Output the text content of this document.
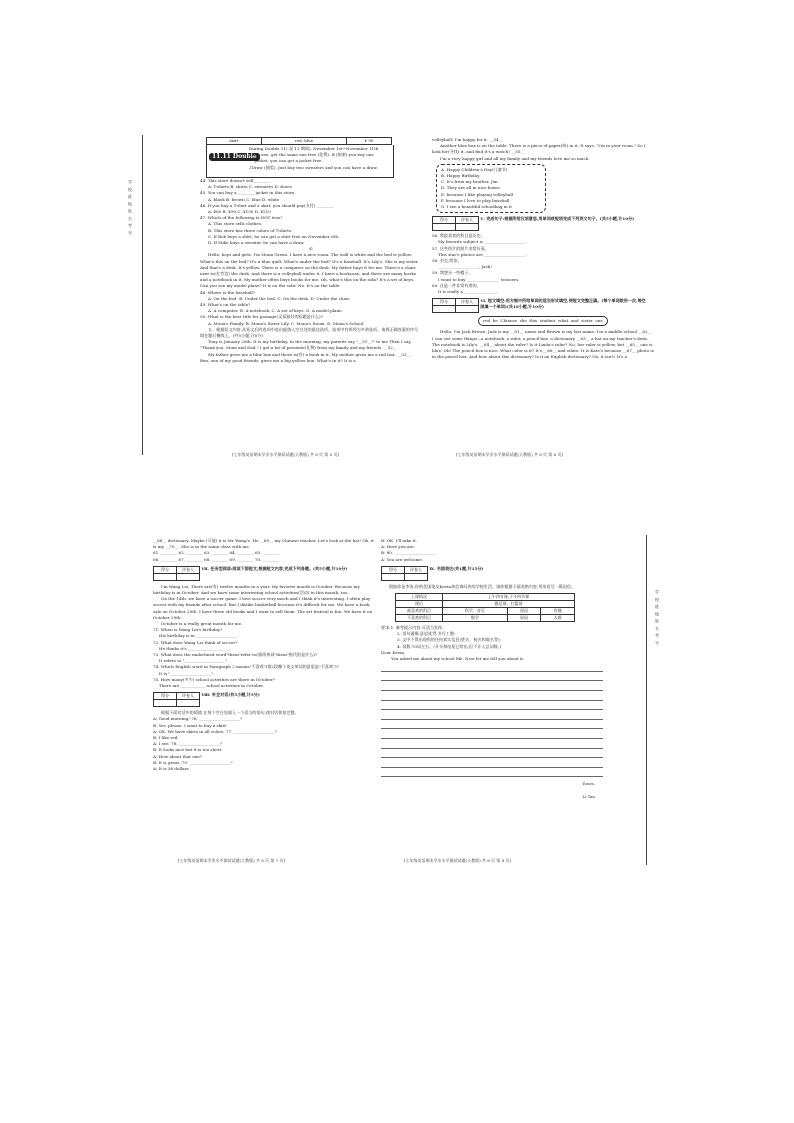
学 校 班 级 姓 名 考 号
skirt	red, blue	¥ 90
11.11 Double

During Double 11( 双 11 期间), November 1st~November 11th

♪Buy one, get the same one free (免费). If (如果) you buy one

jacket, you can get a jacket free.

♪Draw (抽奖). Just buy two sweaters and you can have a draw.

44. This store doesn't sell________.

A. T-shirts B. shirts C. sweaters D. shoes

45. You can buy a ________ jacket in this store.

A. black B. brown C. blue D. white

46. If you buy a T-shirt and a skirt, you should pay(支付) ________.

A. ¥60 B. ¥90 C. ¥150 D. ¥210

47. Which of the following is NOT true?

A. This store sells clothes.

B. This store has three colors of T-shirts.

C. If Bob buys a shirt, he can get a shirt free on November 6th.

D. If Mike buys a sweater, he can have a draw.

C

Hello, boys and girls. I'm Mona Green. I have a nice room. The wall is white and the bed is yellow. What's this on the bed? It's a blue quilt. What's under the bed? It's a baseball. It's Lily's. She is my sister. And that's a desk. It's yellow. There is a computer on the desk. My father buys it for me. There's a chair next to(在旁边) the desk. And there is a volleyball under it. I have a bookcase, and there are many books and a notebook in it. My mother often buys books for me. Oh, what's this on the sofa? It's a set of keys. Can you see my model plane? It is on the sofa! No. It's on the table.

48. Where is the baseball?

A. On the bed. B. Under the bed. C. On the desk. D. Under the chair.

49. What's on the table?

A. A computer. B. A notebook. C. A set of keys. D. A model plane.

50. What is the best title for passage(文章最好的标题是什么)?

A. Mona's Family. B. Mona's Sister Lily. C. Mona's Room. D. Mona's School.

五、根据短文内容,从短文后的选项中选出能填入空白处的最佳选项。选项中有两项为多余选项。请将正确答案的序号填在题后横线上。(共5小题,计5分)

Tony is January 20th. It is my birthday. In the morning, my parents say "__51__!" to me Then I say, "Thank you, Mum and Dad." I get a lot of presents(礼物) from my family and my friends. __52__

My father gives me a blue box and there is(有) a book in it. My mother gives me a red box. __53__. Ben, one of my good friends, gives me a big yellow box. What's in it? It is a

[七年级英语期末学业水平测试试题(人教版) 共 8 页 第 5 页]

volleyball! I'm happy for it. __54__

Another blue box is on the table. There is a piece of paper(纸) in it. It says, "I'm in your room." So I look for(寻找) it, and find it's a watch! __55__

I'm a very happy girl and all my family and my friends love me so much.

A. Happy Children's Day(儿童节)

B. Happy Birthday

C. It's from my brother, Jim

D. They are all in nice boxes

E. because I like playing volleyball

F. because I love to play baseball

G. I see a beautiful schoolbag in it

得分	评卷人
	Ⅴ. 完成句子:根据所给汉语意思,用单词或短语完成下列英文句子。(共5小题,计10分)

56. 我最喜欢的科目是历史。

My favorite subject is ____________________.

57. 这些图片的照片非常好看。

This star's photos are ____________________.

58. 杰克,给你。

____________________, Jack!

59. 我想买一些帽子。

I want to buy ________________ trousers.

60. 这是一件非常有用的。

It is really a ________________.

得分	评卷人
	Ⅵ. 短文填空:用方框中所给单词的适当形式填空,使短文完整正确。(每个单词限用一次,每空限填一个单词)(共10小题,计10分)
red  be  Chinese  she  this  student  what  and  sister  one

Hello, I'm Jack Brown. Jack is my __61__ name and Brown is my last name. I'm a middle school __62__. I can see some things—a notebook, a ruler, a pencil box, a dictionary __63__ a hat on my teacher's desk. The notebook is Lily's. __64__ about the ruler? Is it Linda's ruler? No, her ruler is yellow, but __65__ one is blue. Oh! The pencil box is nice. What color is it? It's __66__ and white. It is Kate's because __67__ photo is in the pencil box. And how about this dictionary? Is it an English dictionary? No, it isn't! It's a

[七年级英语期末学业水平测试试题(人教版) 共 8 页 第 6 页]
学 校 班 级 姓 名 考 号

__68__ dictionary. Maybe (可能) it is Mr Wang's. He __69__ my Chinese teacher. Let's look at the hat! Oh, it is my __70__. She is in the same class with me.

61. ________ 62. ________ 63. ________ 64. ________ 65. ________

66. ________ 67. ________ 68. ________ 69. ________ 70. ________

得分	评卷人
	Ⅶ. 任务型阅读:阅读下面短文,根据短文内容,完成下列各题。(共5小题,计10分)

I'm Wang Lei. There are(有) twelve months in a year. My favorite month is October. Because my birthday is in October. And we have some interesting school activities(活动) in this month, too.

On the 14th, we have a soccer game. I love soccer very much and I think it's interesting. I often play soccer with my friends after school. But I dislike basketball because it's difficult for me. We have a book sale on October 20th. I have three old books and I want to sell them. The art festival is fun. We have it on October 29th.

October is a really great month for me.

71. When is Wang Lei's birthday?

His birthday is in ____________________.

72. What does Wang Lei think of soccer?

He thinks it's ____________________.

73. What does the underlined word"them"refer to(画线单词"them"指代的是什么)?

It refers to "____________________".

74. Which English word in Paragraph 2 means"不喜欢"(第2段哪个英文单词的意思是"不喜欢")?

It is "____________________".

75. How many(多少) school activities are there in October?

There are ____________ school activities in October.

得分	评卷人
	Ⅷ. 补全对话(共5小题,计5分)

根据下面对话中的情境,在每个空白处填入一个适当的语句,使对话恢复完整。

A: Good morning! 76. ____________________?

B: Yes, please. I want to buy a skirt.

A: OK. We have skirts in all colors. 77. ____________________?

B: I like red.

A: I see. 78. ____________________?

B: It looks nice but it is too short.

A: How about that one?

B: It is great. 79. ____________________?

A: It is 36 dollars.

[七年级英语期末学业水平测试试题(人教版) 共 8 页 第 7 页]

B: OK. I'll take it.

A: Here you are.

B: 80. ____________________.

A: You are welcome.

得分	评卷人
	Ⅸ. 书面表达(共1题,计15分)

假如你是李涛,你的美国笔友Kevin来信询问你的学校生活。请你根据下面表格内容,用英语写一篇回信。

上课情况	上午四节课;下午四节课		
课后	踢足球、打篮球		
最喜欢的科目	科学、音乐	原因	有趣
不喜欢的科目	数学	原因	太难

要求:1. 参考提示内容,可适当发挥;

2. 语句通顺,意思连贯,书写工整;

3. 文中不得出现你的任何真实信息(姓名、校名和地名等);

4. 词数:70词左右。(开头和结尾已给出,但不计入总词数。)

Dear Kevin,

You asked me about my school life. Now let me tell you about it.

Yours,

Li Tao

[七年级英语期末学业水平测试试题(人教版) 共 8 页 第 8 页]
